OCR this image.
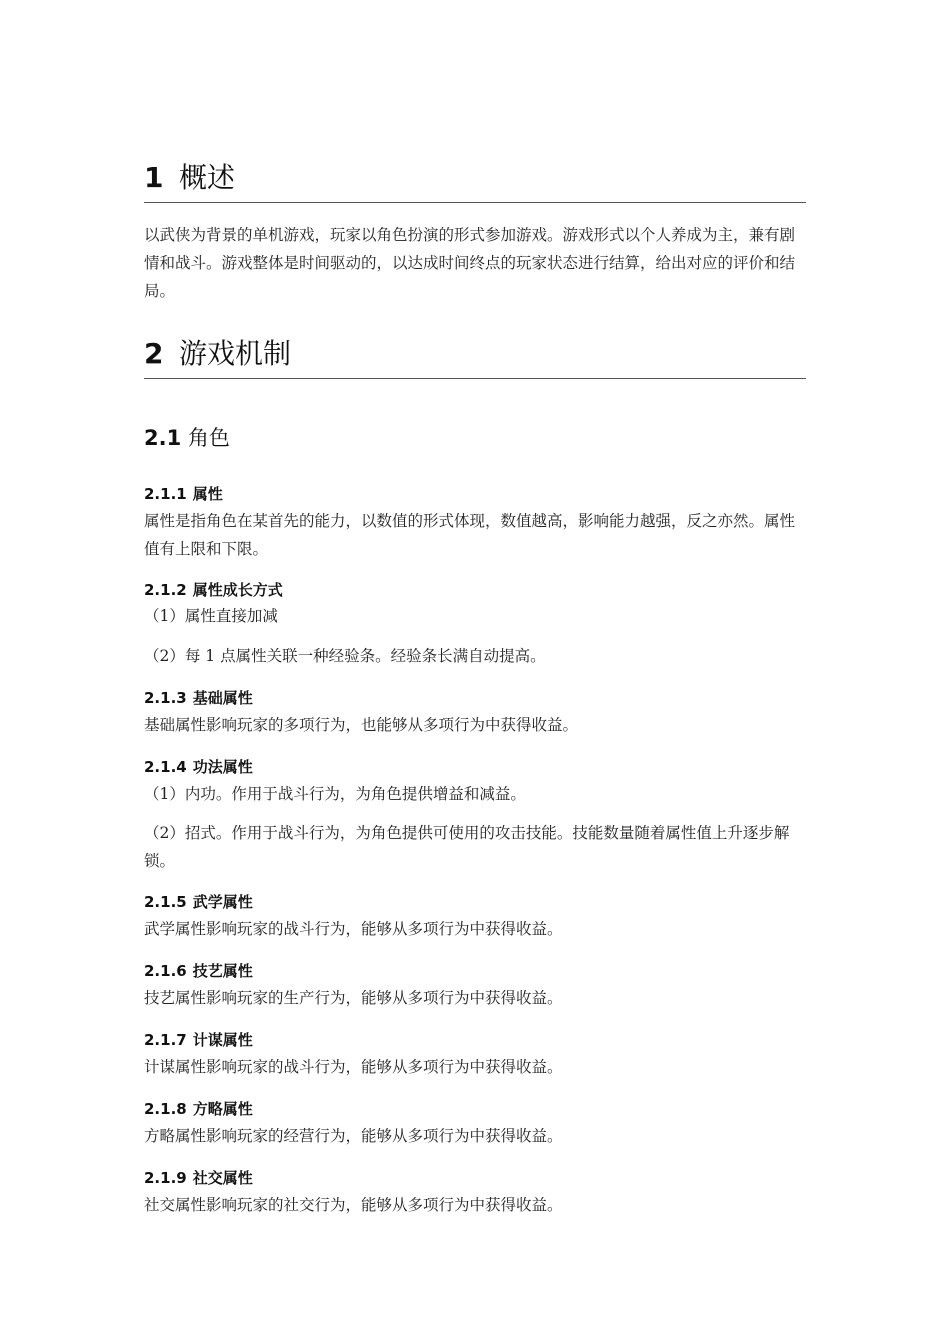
1 概述
以武侠为背景的单机游戏，玩家以角色扮演的形式参加游戏。游戏形式以个人养成为主，兼有剧情和战斗。游戏整体是时间驱动的，以达成时间终点的玩家状态进行结算，给出对应的评价和结局。
2 游戏机制
2.1 角色
2.1.1 属性
属性是指角色在某首先的能力，以数值的形式体现，数值越高，影响能力越强，反之亦然。属性值有上限和下限。
2.1.2 属性成长方式
（1）属性直接加减
（2）每 1 点属性关联一种经验条。经验条长满自动提高。
2.1.3 基础属性
基础属性影响玩家的多项行为，也能够从多项行为中获得收益。
2.1.4 功法属性
（1）内功。作用于战斗行为，为角色提供增益和减益。
（2）招式。作用于战斗行为，为角色提供可使用的攻击技能。技能数量随着属性值上升逐步解锁。
2.1.5 武学属性
武学属性影响玩家的战斗行为，能够从多项行为中获得收益。
2.1.6 技艺属性
技艺属性影响玩家的生产行为，能够从多项行为中获得收益。
2.1.7 计谋属性
计谋属性影响玩家的战斗行为，能够从多项行为中获得收益。
2.1.8 方略属性
方略属性影响玩家的经营行为，能够从多项行为中获得收益。
2.1.9 社交属性
社交属性影响玩家的社交行为，能够从多项行为中获得收益。
